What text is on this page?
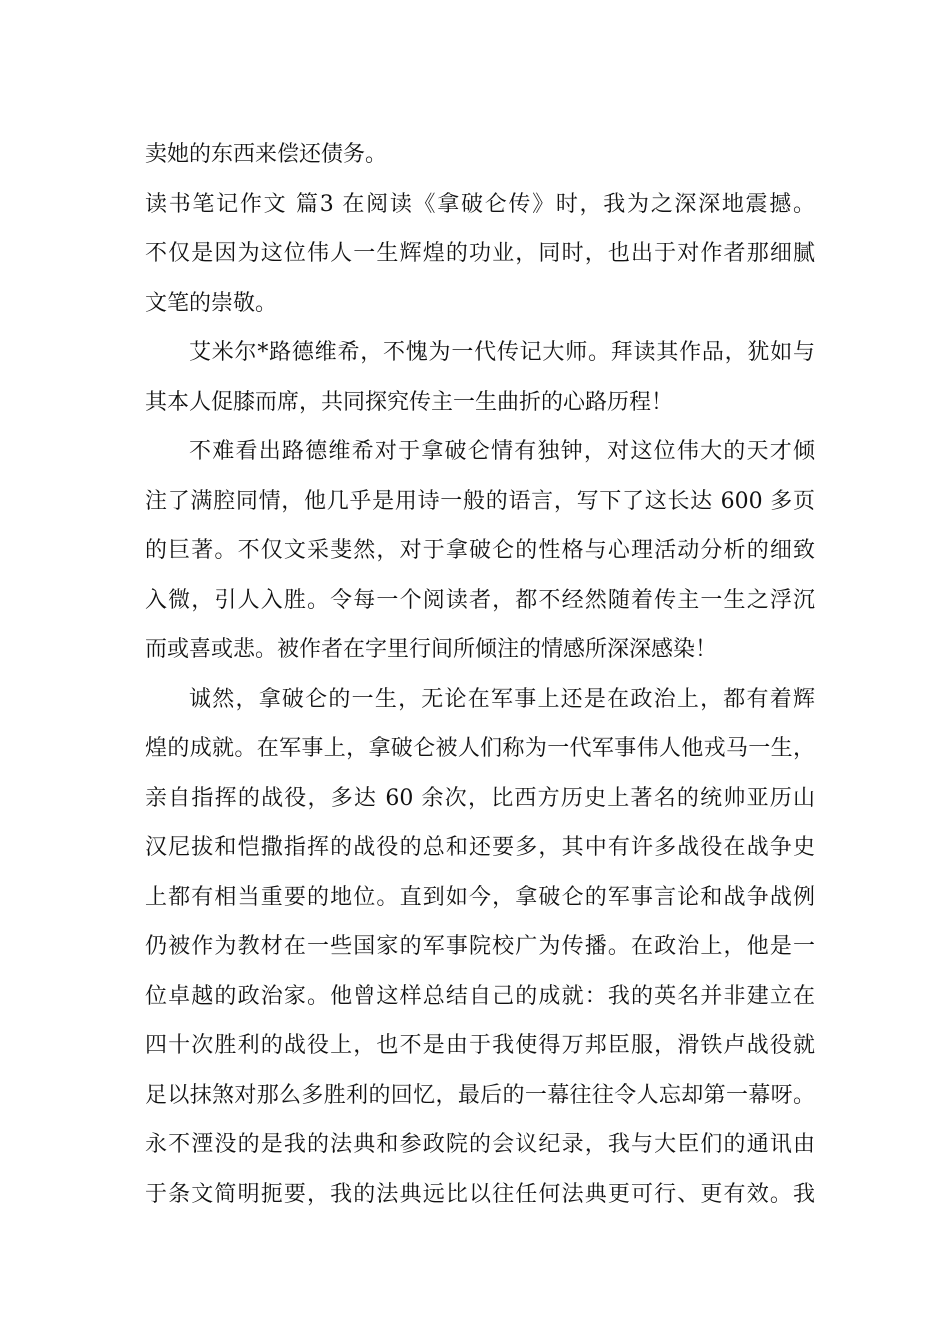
卖她的东西来偿还债务。
读书笔记作文 篇3 在阅读《拿破仑传》时，我为之深深地震撼。
不仅是因为这位伟人一生辉煌的功业，同时，也出于对作者那细腻
文笔的崇敬。
艾米尔*路德维希，不愧为一代传记大师。拜读其作品，犹如与
其本人促膝而席，共同探究传主一生曲折的心路历程！
不难看出路德维希对于拿破仑情有独钟，对这位伟大的天才倾
注了满腔同情，他几乎是用诗一般的语言，写下了这长达 600 多页
的巨著。不仅文采斐然，对于拿破仑的性格与心理活动分析的细致
入微，引人入胜。令每一个阅读者，都不经然随着传主一生之浮沉
而或喜或悲。被作者在字里行间所倾注的情感所深深感染！
诚然，拿破仑的一生，无论在军事上还是在政治上，都有着辉
煌的成就。在军事上，拿破仑被人们称为一代军事伟人他戎马一生，
亲自指挥的战役，多达 60 余次，比西方历史上著名的统帅亚历山
汉尼拔和恺撒指挥的战役的总和还要多，其中有许多战役在战争史
上都有相当重要的地位。直到如今，拿破仑的军事言论和战争战例
仍被作为教材在一些国家的军事院校广为传播。在政治上，他是一
位卓越的政治家。他曾这样总结自己的成就：我的英名并非建立在
四十次胜利的战役上，也不是由于我使得万邦臣服，滑铁卢战役就
足以抹煞对那么多胜利的回忆，最后的一幕往往令人忘却第一幕呀。
永不湮没的是我的法典和参政院的会议纪录，我与大臣们的通讯由
于条文简明扼要，我的法典远比以往任何法典更可行、更有效。我
